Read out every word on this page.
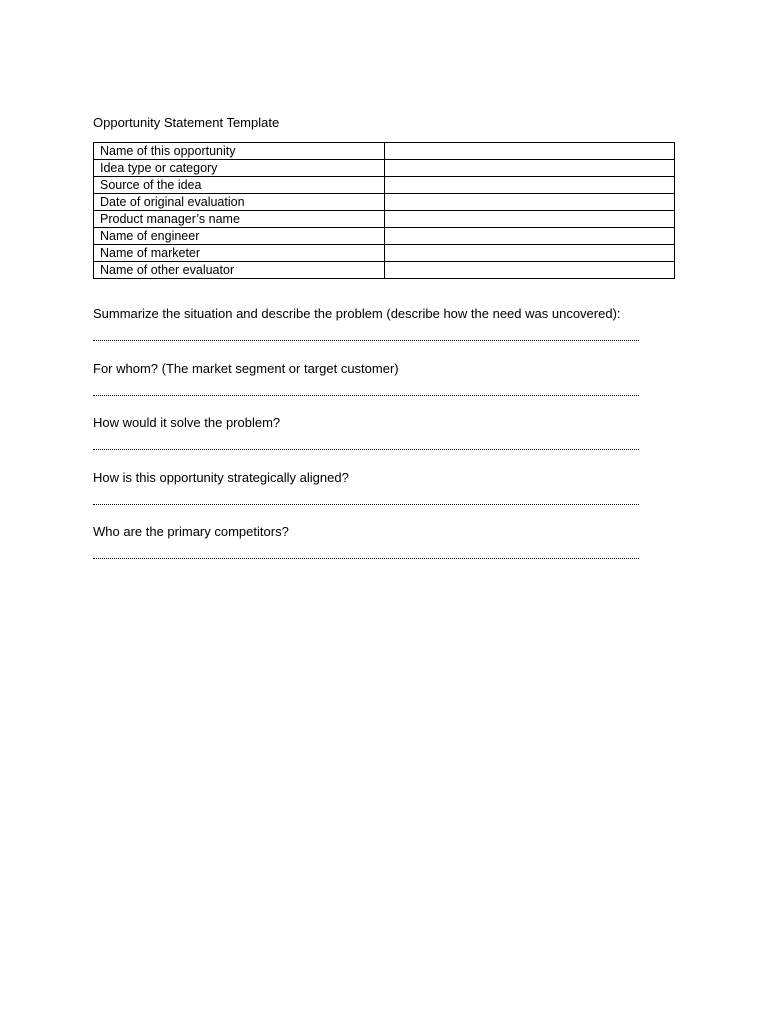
Opportunity Statement Template
Name of this opportunity	
Idea type or category	
Source of the idea	
Date of original evaluation	
Product manager’s name	
Name of engineer	
Name of marketer	
Name of other evaluator	
Summarize the situation and describe the problem (describe how the need was uncovered):
For whom? (The market segment or target customer)
How would it solve the problem?
How is this opportunity strategically aligned?
Who are the primary competitors?
